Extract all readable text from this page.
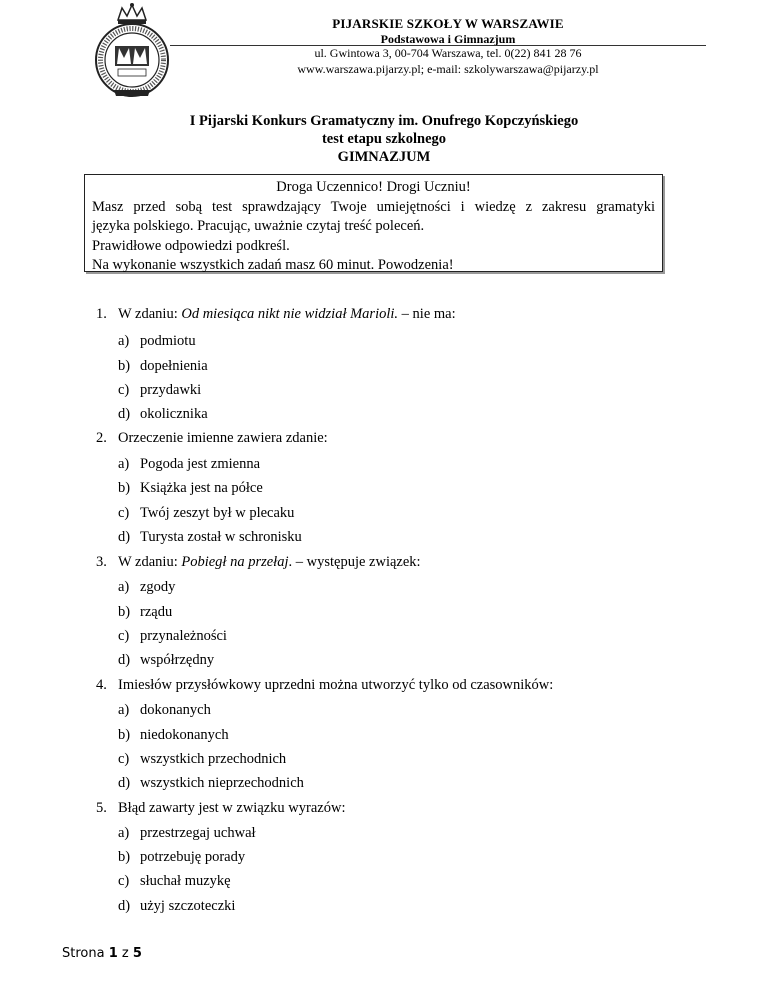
PIJARSKIE SZKOŁY W WARSZAWIE
Podstawowa i Gimnazjum
ul. Gwintowa 3, 00-704 Warszawa, tel. 0(22) 841 28 76
www.warszawa.pijarzy.pl; e-mail: szkolywarszawa@pijarzy.pl
I Pijarski Konkurs Gramatyczny im. Onufrego Kopczyńskiego
test etapu szkolnego
GIMNAZJUM
Droga Uczennico! Drogi Uczniu!
Masz przed sobą test sprawdzający Twoje umiejętności i wiedzę z zakresu gramatyki
języka polskiego. Pracując, uważnie czytaj treść poleceń.
Prawidłowe odpowiedzi podkreśl.
Na wykonanie wszystkich zadań masz 60 minut. Powodzenia!
1. W zdaniu: Od miesiąca nikt nie widział Marioli. – nie ma:
a) podmiotu
b) dopełnienia
c) przydawki
d) okolicznika
2. Orzeczenie imienne zawiera zdanie:
a) Pogoda jest zmienna
b) Książka jest na półce
c) Twój zeszyt był w plecaku
d) Turysta został w schronisku
3. W zdaniu: Pobiegł na przełaj. – występuje związek:
a) zgody
b) rządu
c) przynależności
d) współrzędny
4. Imiesłów przysłówkowy uprzedni można utworzyć tylko od czasowników:
a) dokonanych
b) niedokonanych
c) wszystkich przechodnich
d) wszystkich nieprzechodnich
5. Błąd zawarty jest w związku wyrazów:
a) przestrzegaj uchwał
b) potrzebuję porady
c) słuchał muzykę
d) użyj szczoteczki
Strona 1 z 5
